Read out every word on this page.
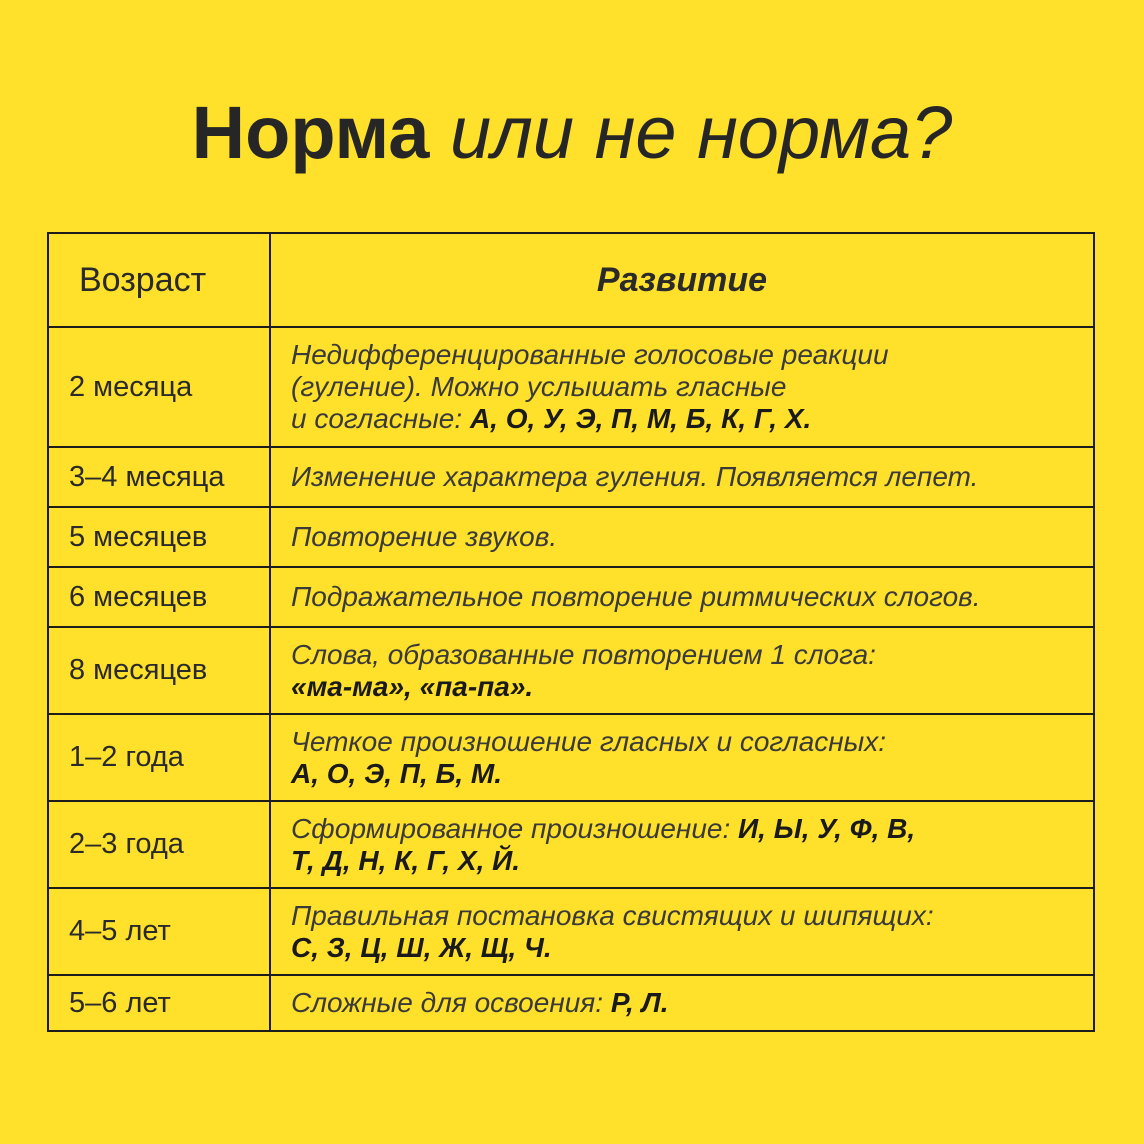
Норма или не норма?
Возраст	Развитие
2 месяца	Недифференцированные голосовые реакции
(гуление). Можно услышать гласные
и согласные: А, О, У, Э, П, М, Б, К, Г, Х.

3–4 месяца	Изменение характера гуления. Появляется лепет.

5 месяцев	Повторение звуков.

6 месяцев	Подражательное повторение ритмических слогов.

8 месяцев	Слова, образованные повторением 1 слога:
«ма-ма», «па-па».

1–2 года	Четкое произношение гласных и согласных:
А, О, Э, П, Б, М.

2–3 года	Сформированное произношение: И, Ы, У, Ф, В,
Т, Д, Н, К, Г, Х, Й.

4–5 лет	Правильная постановка свистящих и шипящих:
С, З, Ц, Ш, Ж, Щ, Ч.

5–6 лет	Сложные для освоения: Р, Л.
